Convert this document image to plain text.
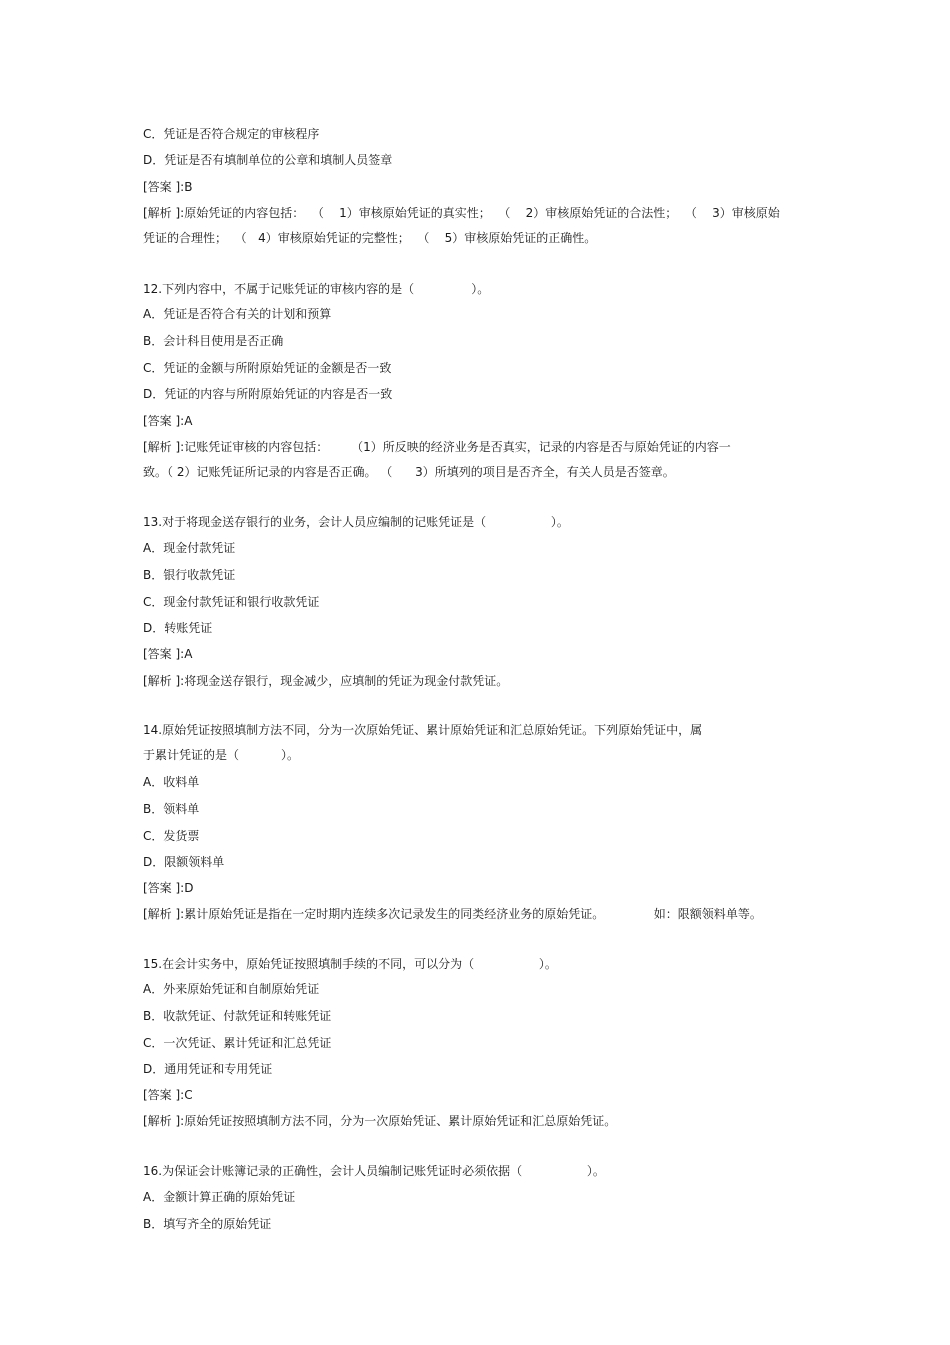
C．凭证是否符合规定的审核程序
D．凭证是否有填制单位的公章和填制人员签章
[答案 ]:B
[解析 ]:原始凭证的内容包括：  （    1）审核原始凭证的真实性；  （    2）审核原始凭证的合法性；  （    3）审核原始
凭证的合理性；  （   4）审核原始凭证的完整性；  （    5）审核原始凭证的正确性。
12.下列内容中，不属于记账凭证的审核内容的是（               ）。
A．凭证是否符合有关的计划和预算
B．会计科目使用是否正确
C．凭证的金额与所附原始凭证的金额是否一致
D．凭证的内容与所附原始凭证的内容是否一致
[答案 ]:A
[解析 ]:记账凭证审核的内容包括：      （1）所反映的经济业务是否真实，记录的内容是否与原始凭证的内容一
致。（ 2）记账凭证所记录的内容是否正确。 （      3）所填列的项目是否齐全，有关人员是否签章。
13.对于将现金送存银行的业务，会计人员应编制的记账凭证是（                 ）。
A．现金付款凭证
B．银行收款凭证
C．现金付款凭证和银行收款凭证
D．转账凭证
[答案 ]:A
[解析 ]:将现金送存银行，现金减少，应填制的凭证为现金付款凭证。
14.原始凭证按照填制方法不同，分为一次原始凭证、累计原始凭证和汇总原始凭证。下列原始凭证中，属
于累计凭证的是（           ）。
A．收料单
B．领料单
C．发货票
D．限额领料单
[答案 ]:D
[解析 ]:累计原始凭证是指在一定时期内连续多次记录发生的同类经济业务的原始凭证。             如：限额领料单等。
15.在会计实务中，原始凭证按照填制手续的不同，可以分为（                 ）。
A．外来原始凭证和自制原始凭证
B．收款凭证、付款凭证和转账凭证
C．一次凭证、累计凭证和汇总凭证
D．通用凭证和专用凭证
[答案 ]:C
[解析 ]:原始凭证按照填制方法不同，分为一次原始凭证、累计原始凭证和汇总原始凭证。
16.为保证会计账簿记录的正确性，会计人员编制记账凭证时必须依据（                 ）。
A．金额计算正确的原始凭证
B．填写齐全的原始凭证
